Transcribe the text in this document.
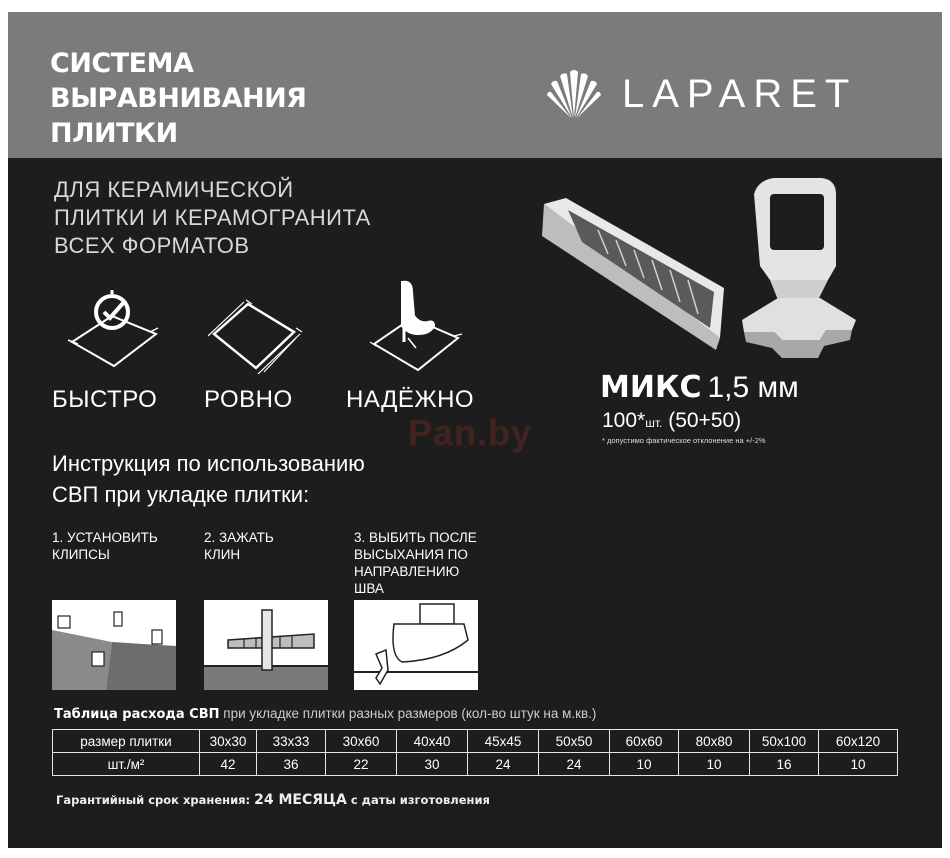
СИСТЕМА
ВЫРАВНИВАНИЯ
ПЛИТКИ
LAPARET
ДЛЯ КЕРАМИЧЕСКОЙ
ПЛИТКИ И КЕРАМОГРАНИТА
ВСЕХ ФОРМАТОВ
БЫСТРО РОВНО НАДЁЖНО	МИКС 1,5 мм
100*шт. (50+50)
* допустимо фактическое отклонение на +/-2%
Pan.by
Инструкция по использованию
СВП при укладке плитки:
1. УСТАНОВИТЬ
КЛИПСЫ
2. ЗАЖАТЬ
КЛИН
3. ВЫБИТЬ ПОСЛЕ
ВЫСЫХАНИЯ ПО
НАПРАВЛЕНИЮ
ШВА
Таблица расхода СВП при укладке плитки разных размеров (кол-во штук на м.кв.)
размер плитки	30x30	33x33	30x60	40x40	45x45	50x50	60x60	80x80	50x100	60x120
шт./м²	42	36	22	30	24	24	10	10	16	10
Гарантийный срок хранения: 24 МЕСЯЦА с даты изготовления
